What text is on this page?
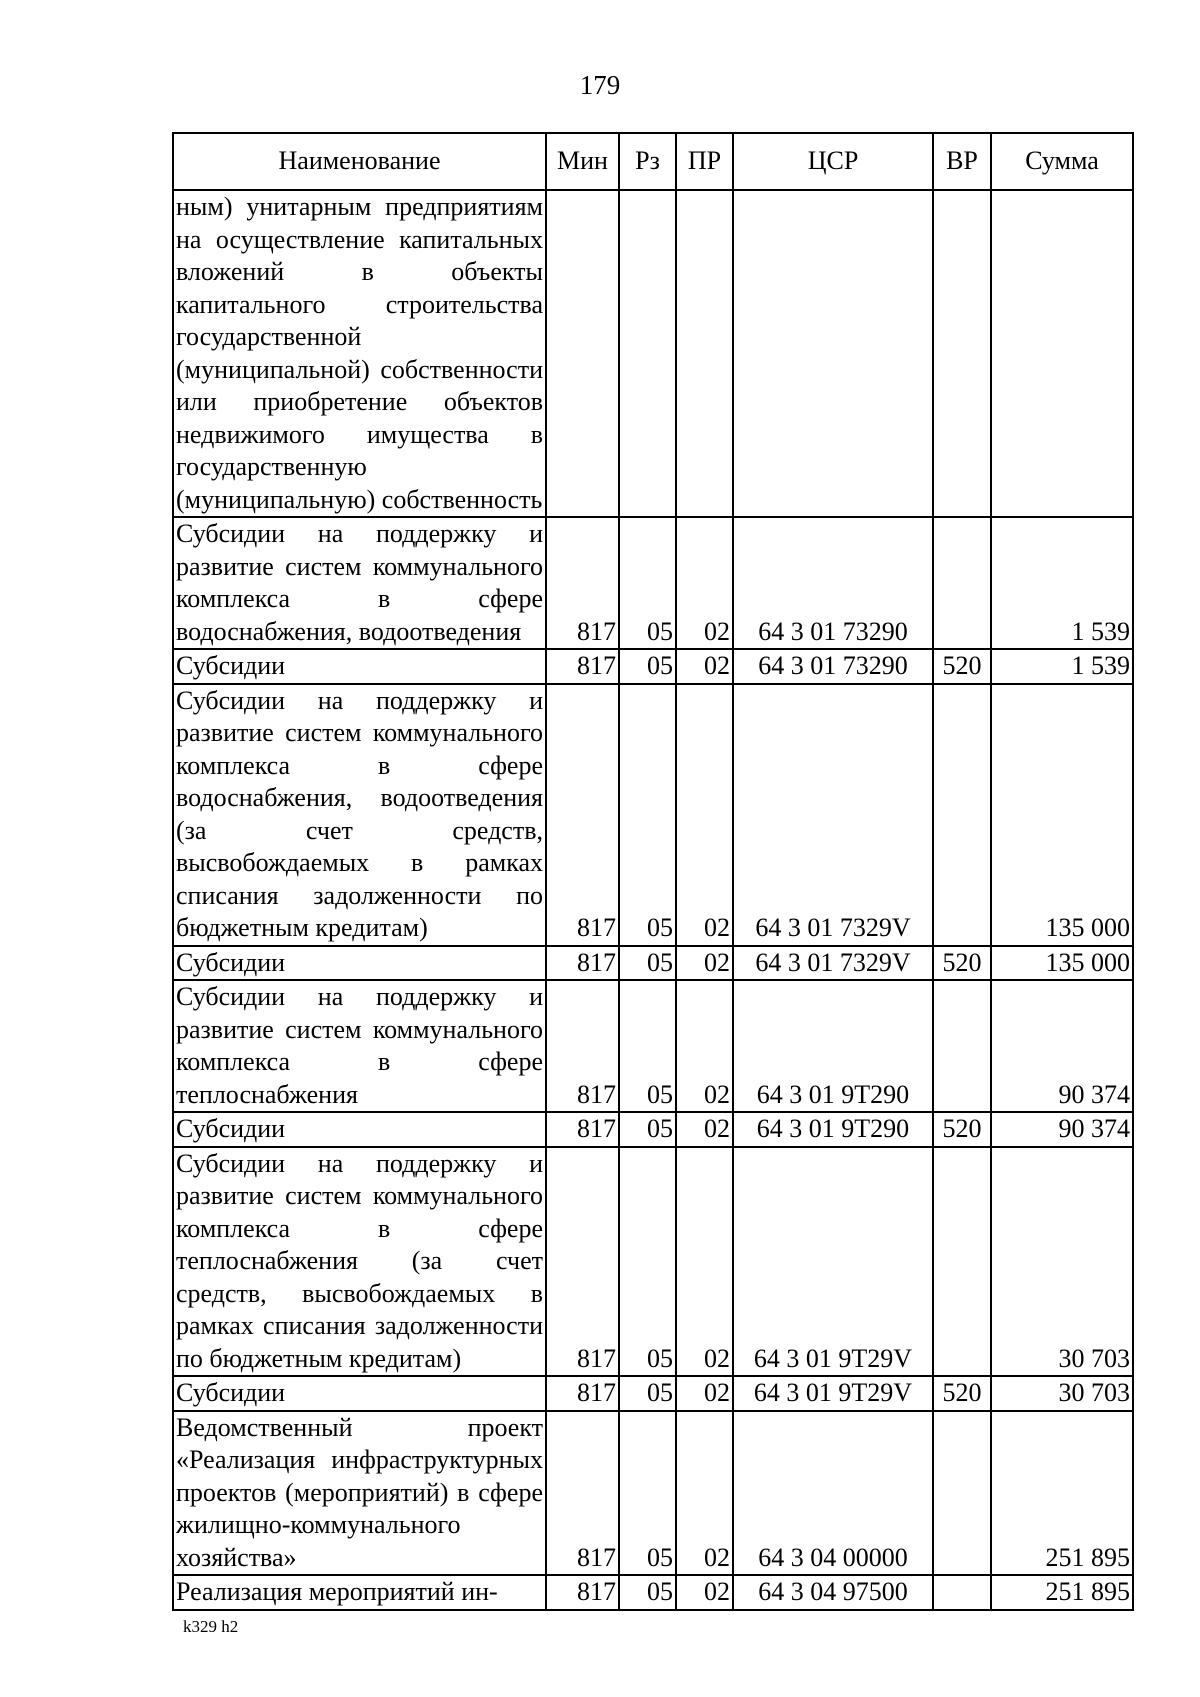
179
Наименование	Мин	Рз	ПР	ЦСР	ВР	Сумма
ным) унитарным предприятиям на осуществление капитальных вложений в объекты капитального строительства государственной (муниципальной) собственности или приобретение объектов недвижимого имущества в государственную (муниципальную) собственность						
Субсидии на поддержку и развитие систем коммунального комплекса в сфере водоснабжения, водоотведения	817	05	02	64 3 01 73290		1 539
Субсидии	817	05	02	64 3 01 73290	520	1 539
Субсидии на поддержку и развитие систем коммунального комплекса в сфере водоснабжения, водоотведения (за счет средств, высвобождаемых в рамках списания задолженности по бюджетным кредитам)	817	05	02	64 3 01 7329V		135 000
Субсидии	817	05	02	64 3 01 7329V	520	135 000
Субсидии на поддержку и развитие систем коммунального комплекса в сфере теплоснабжения	817	05	02	64 3 01 9T290		90 374
Субсидии	817	05	02	64 3 01 9T290	520	90 374
Субсидии на поддержку и развитие систем коммунального комплекса в сфере теплоснабжения (за счет средств, высвобождаемых в рамках списания задолженности по бюджетным кредитам)	817	05	02	64 3 01 9T29V		30 703
Субсидии	817	05	02	64 3 01 9T29V	520	30 703
Ведомственный проект «Реализация инфраструктурных проектов (мероприятий) в сфере жилищно-коммунального хозяйства»	817	05	02	64 3 04 00000		251 895
Реализация мероприятий ин-	817	05	02	64 3 04 97500		251 895
k329 h2
